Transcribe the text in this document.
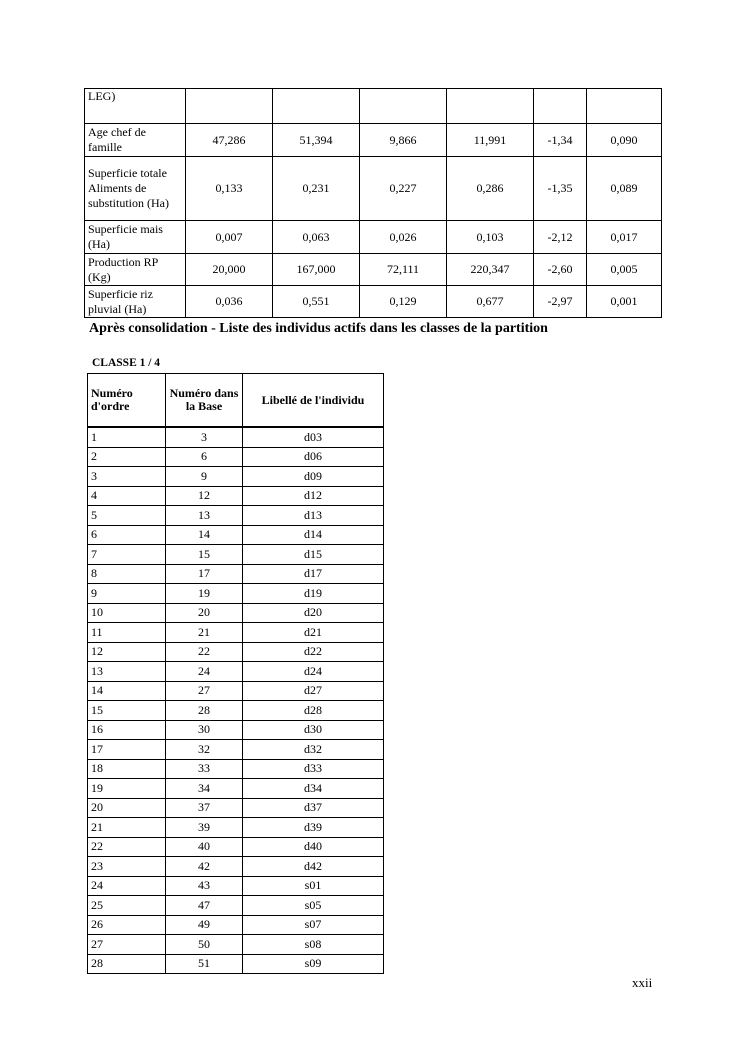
LEG)						
Age chef de famille	47,286	51,394	9,866	11,991	-1,34	0,090
Superficie totale Aliments de substitution (Ha)	0,133	0,231	0,227	0,286	-1,35	0,089
Superficie mais (Ha)	0,007	0,063	0,026	0,103	-2,12	0,017
Production RP (Kg)	20,000	167,000	72,111	220,347	-2,60	0,005
Superficie riz pluvial (Ha)	0,036	0,551	0,129	0,677	-2,97	0,001
Après consolidation - Liste des individus actifs dans les classes de la partition
CLASSE 1 / 4
Numéro d'ordre	Numéro dans la Base	Libellé de l'individu
1	3	d03
2	6	d06
3	9	d09
4	12	d12
5	13	d13
6	14	d14
7	15	d15
8	17	d17
9	19	d19
10	20	d20
11	21	d21
12	22	d22
13	24	d24
14	27	d27
15	28	d28
16	30	d30
17	32	d32
18	33	d33
19	34	d34
20	37	d37
21	39	d39
22	40	d40
23	42	d42
24	43	s01
25	47	s05
26	49	s07
27	50	s08
28	51	s09
xxii
